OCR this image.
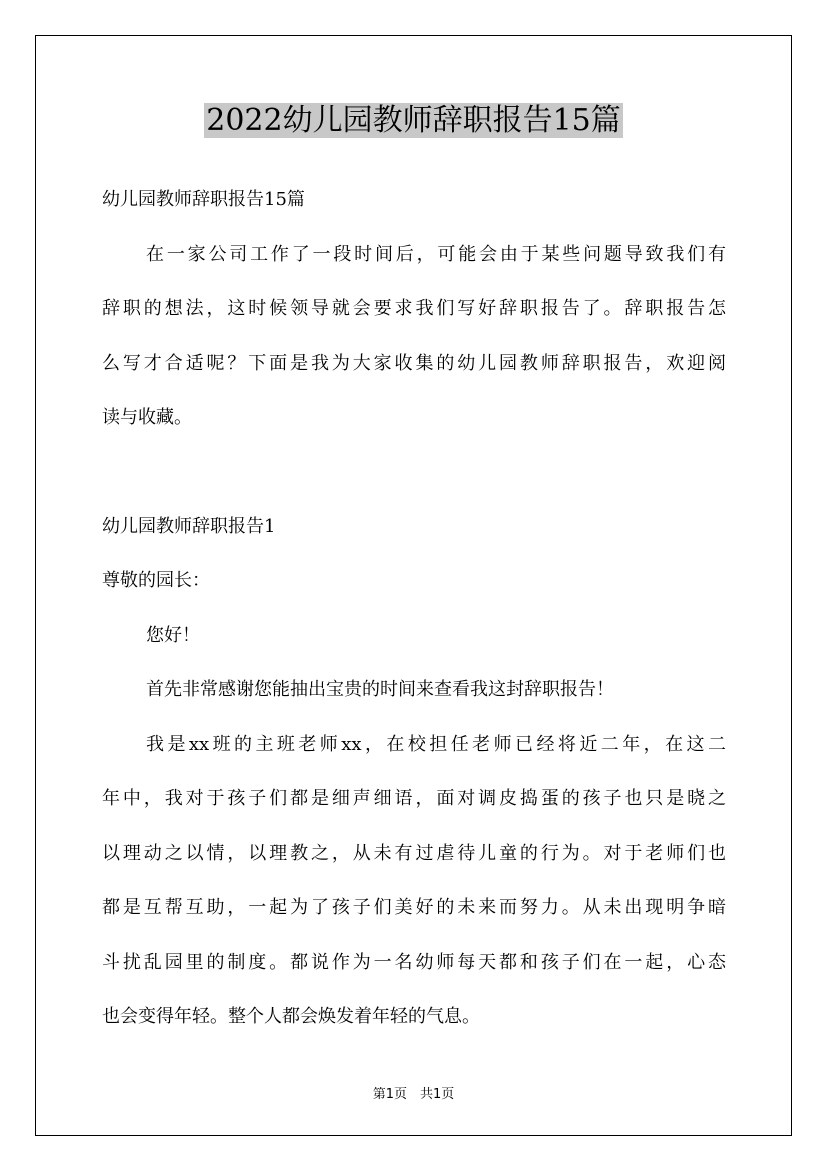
2022幼儿园教师辞职报告15篇
幼儿园教师辞职报告15篇
在一家公司工作了一段时间后，可能会由于某些问题导致我们有
辞职的想法，这时候领导就会要求我们写好辞职报告了。辞职报告怎
么写才合适呢？下面是我为大家收集的幼儿园教师辞职报告，欢迎阅
读与收藏。
幼儿园教师辞职报告1
尊敬的园长：
您好！
首先非常感谢您能抽出宝贵的时间来查看我这封辞职报告！
我是xx班的主班老师xx，在校担任老师已经将近二年，在这二
年中，我对于孩子们都是细声细语，面对调皮捣蛋的孩子也只是晓之
以理动之以情，以理教之，从未有过虐待儿童的行为。对于老师们也
都是互帮互助，一起为了孩子们美好的未来而努力。从未出现明争暗
斗扰乱园里的制度。都说作为一名幼师每天都和孩子们在一起，心态
也会变得年轻。整个人都会焕发着年轻的气息。
第1页　共1页
